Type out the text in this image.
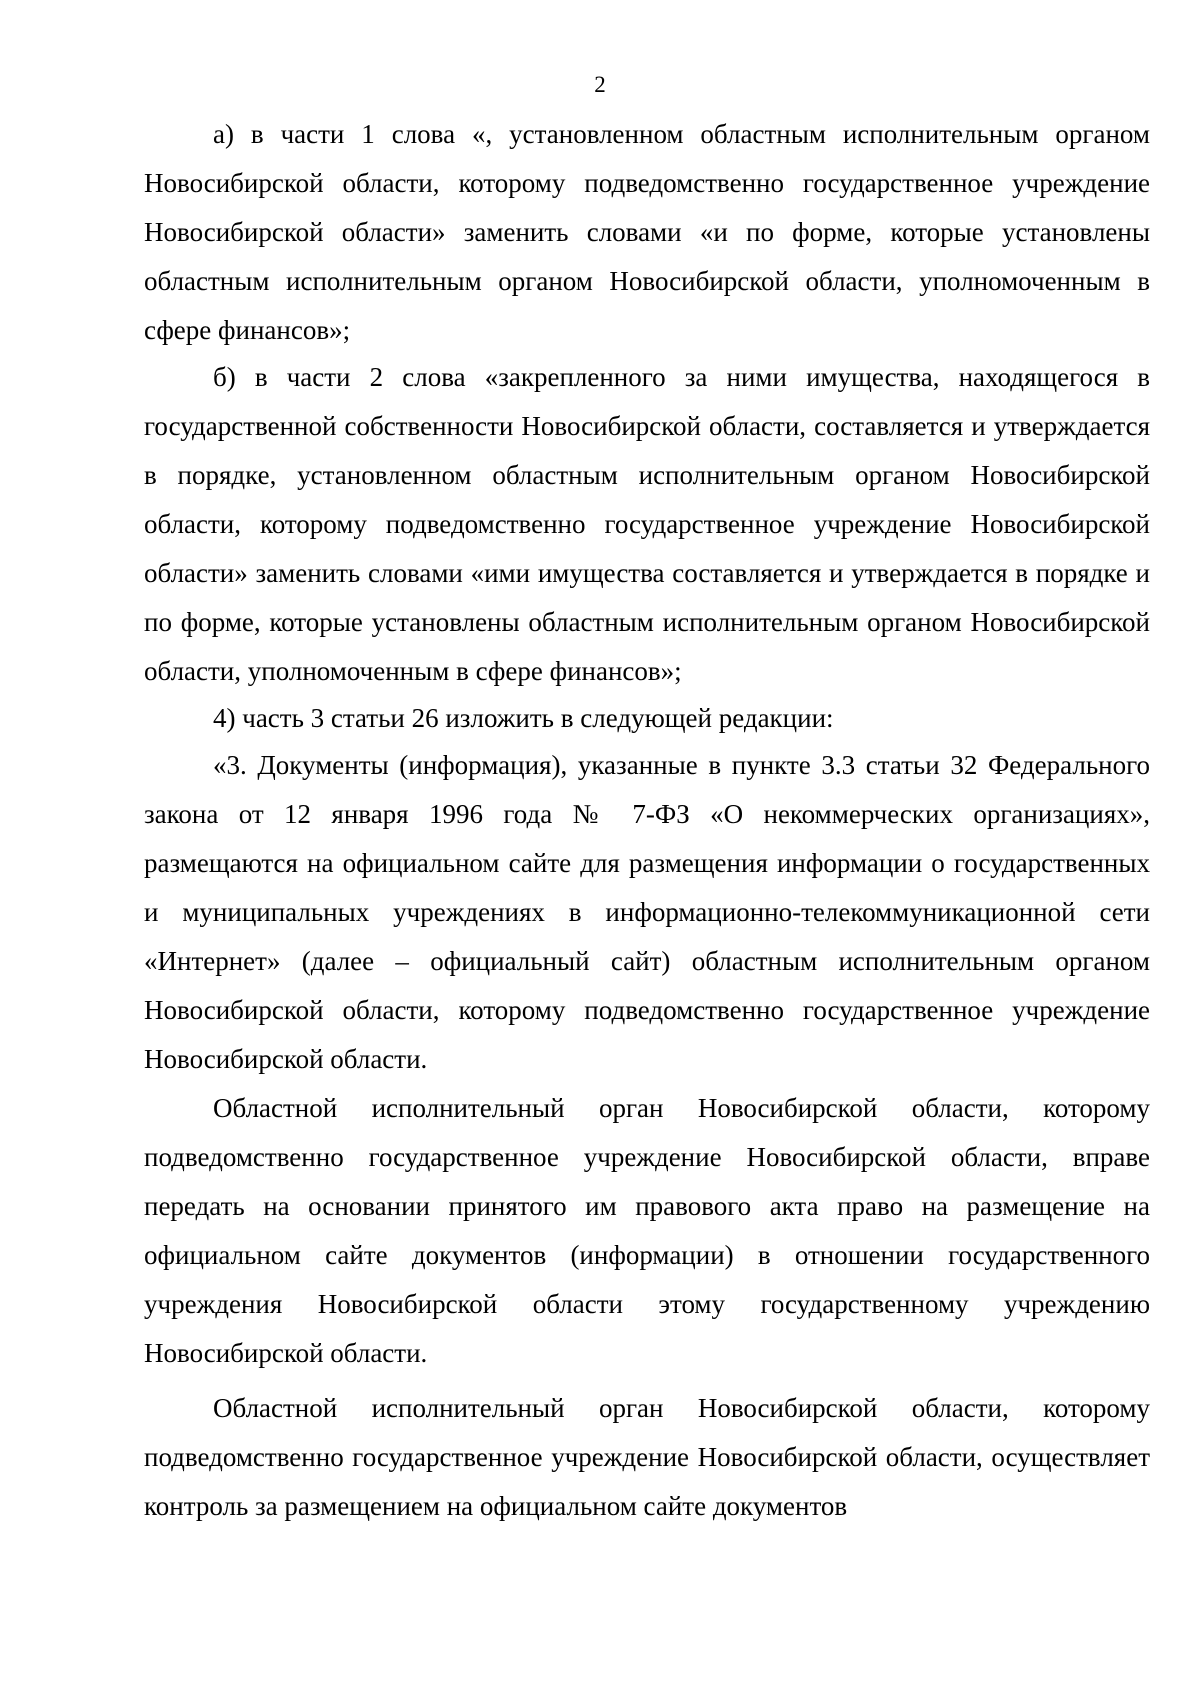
2

а) в части 1 слова «, установленном областным исполнительным органом Новосибирской области, которому подведомственно государственное учреждение Новосибирской области» заменить словами «и по форме, которые установлены областным исполнительным органом Новосибирской области, уполномоченным в сфере финансов»;

б) в части 2 слова «закрепленного за ними имущества, находящегося в государственной собственности Новосибирской области, составляется и утверждается в порядке, установленном областным исполнительным органом Новосибирской области, которому подведомственно государственное учреждение Новосибирской области» заменить словами «ими имущества составляется и утверждается в порядке и по форме, которые установлены областным исполнительным органом Новосибирской области, уполномоченным в сфере финансов»;

4) часть 3 статьи 26 изложить в следующей редакции:

«3. Документы (информация), указанные в пункте 3.3 статьи 32 Федерального закона от 12 января 1996 года № 7-ФЗ «О некоммерческих организациях», размещаются на официальном сайте для размещения информации о государственных и муниципальных учреждениях в информационно-телекоммуникационной сети «Интернет» (далее – официальный сайт) областным исполнительным органом Новосибирской области, которому подведомственно государственное учреждение Новосибирской области.

Областной исполнительный орган Новосибирской области, которому подведомственно государственное учреждение Новосибирской области, вправе передать на основании принятого им правового акта право на размещение на официальном сайте документов (информации) в отношении государственного учреждения Новосибирской области этому государственному учреждению Новосибирской области.

Областной исполнительный орган Новосибирской области, которому подведомственно государственное учреждение Новосибирской области, осуществляет контроль за размещением на официальном сайте документов
